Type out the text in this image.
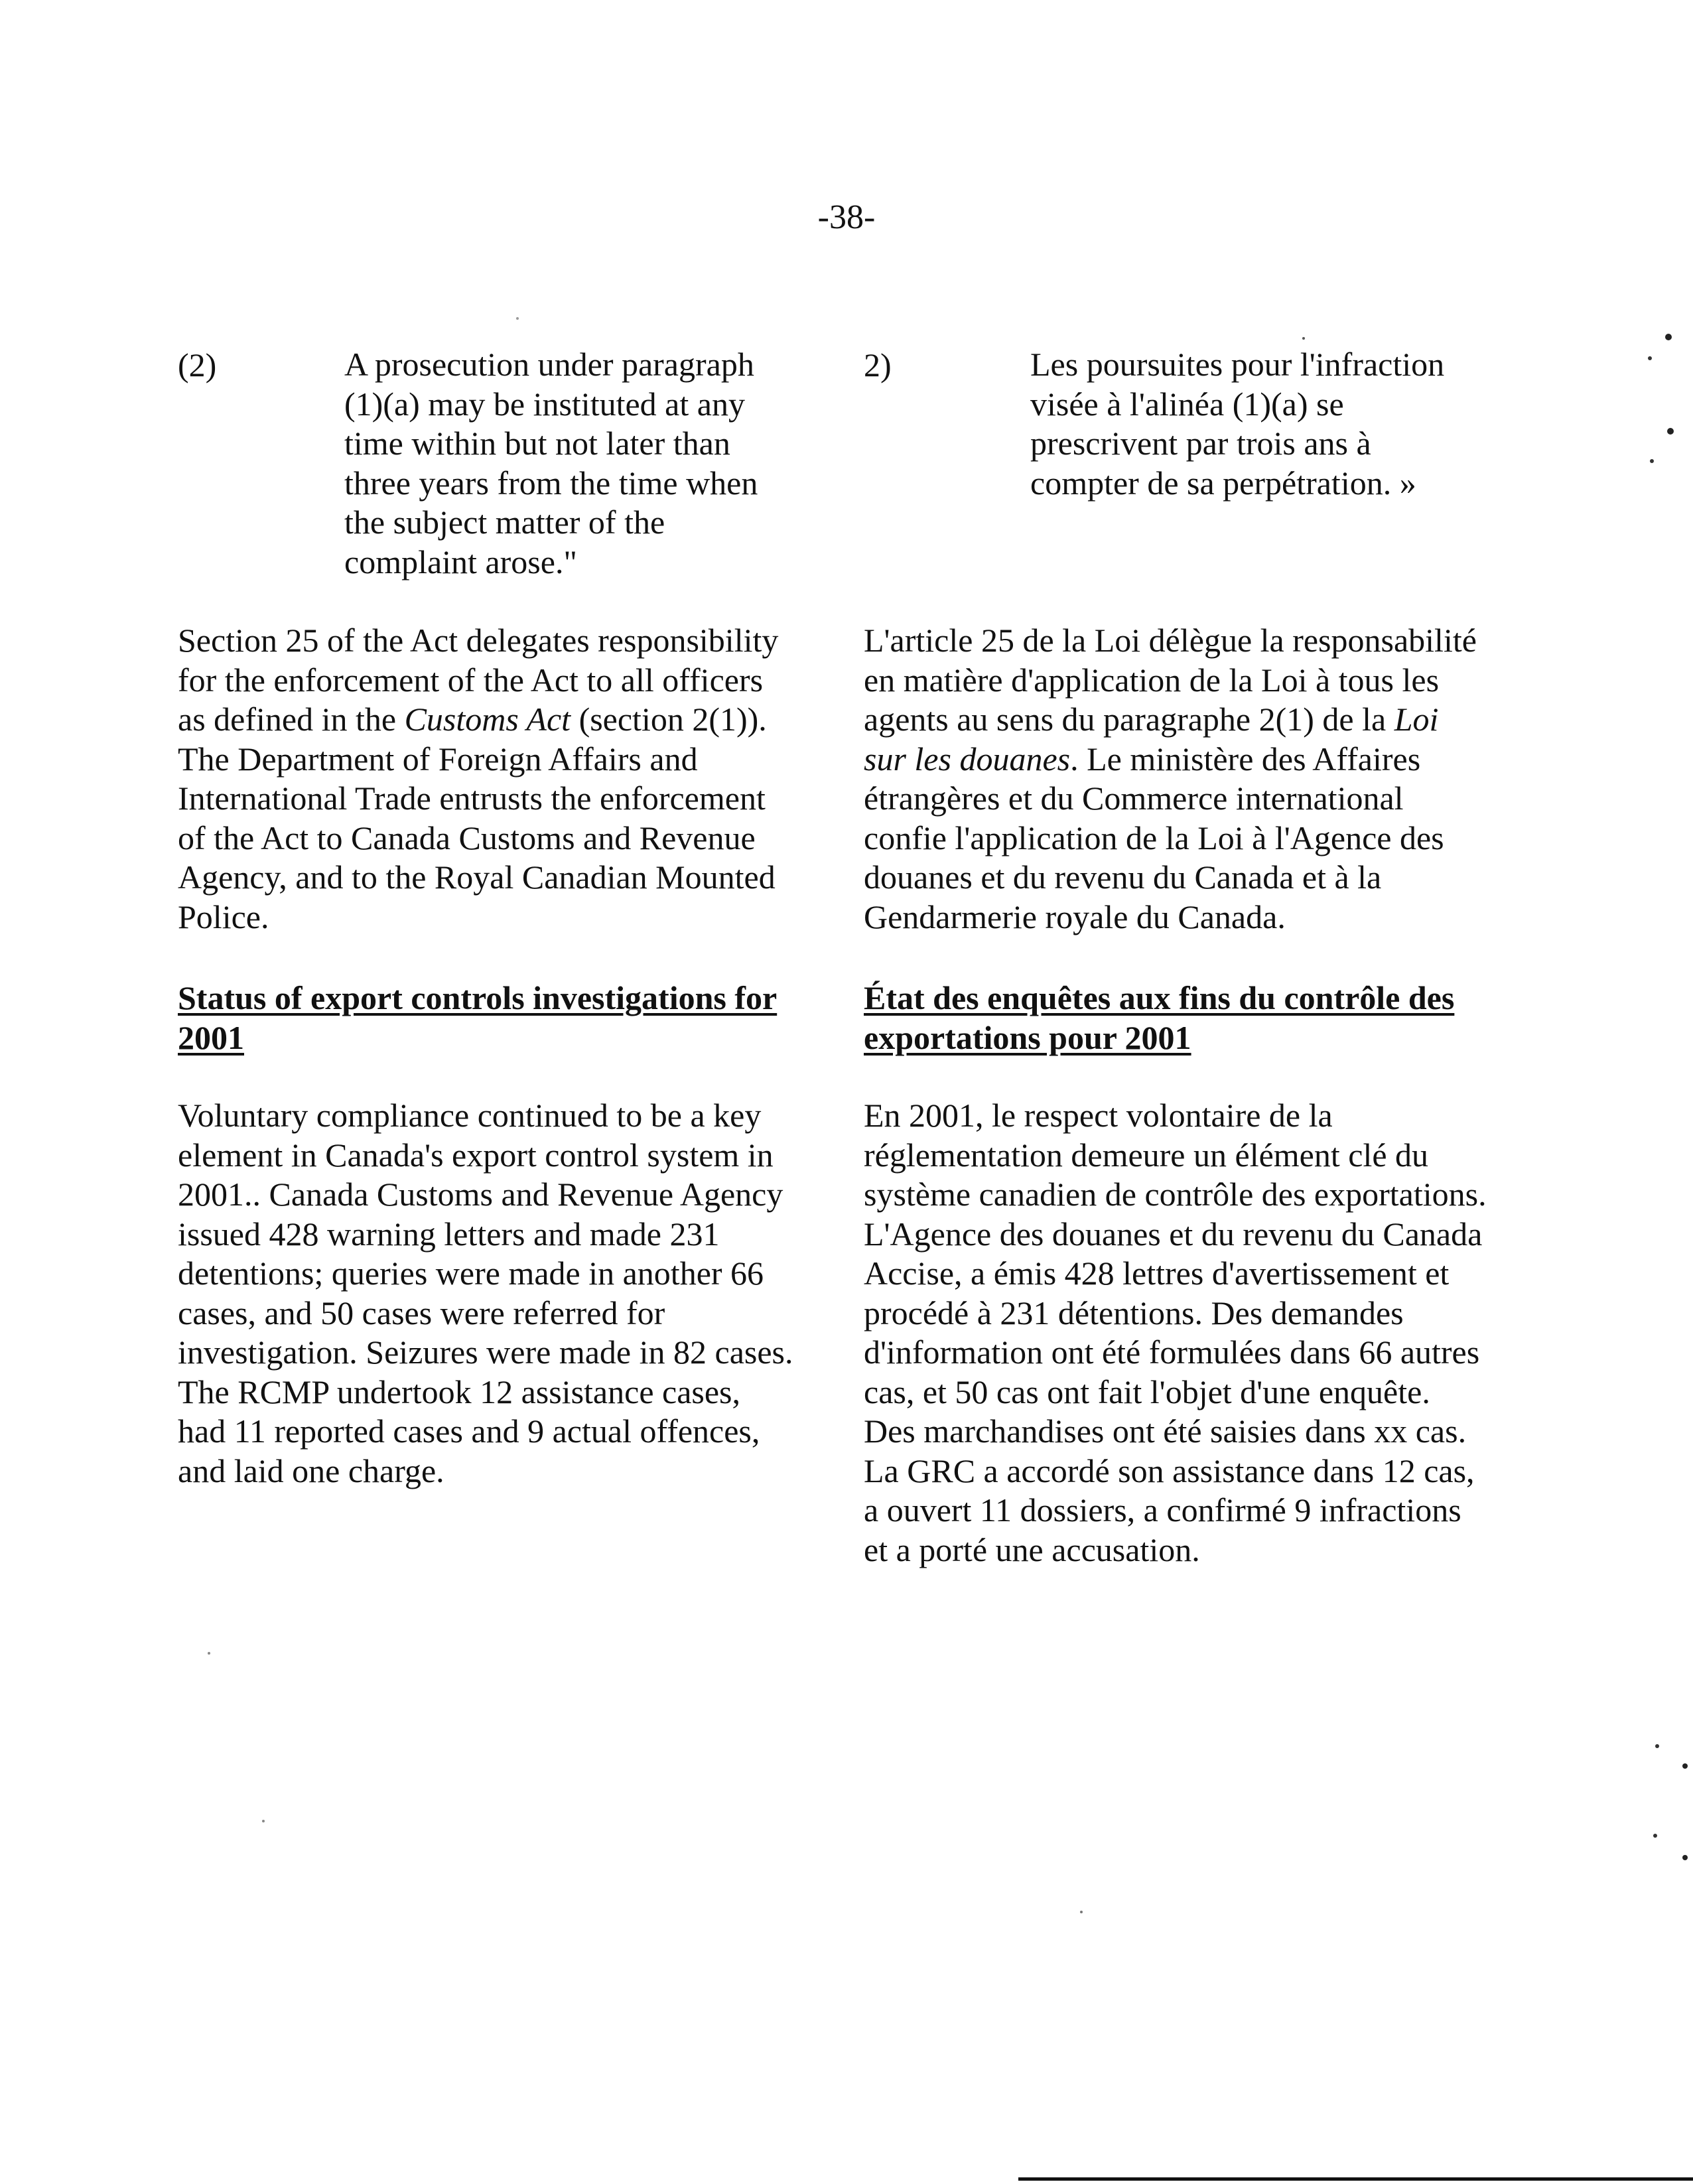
-38-
(2)	A prosecution under paragraph
(1)(a) may be instituted at any
time within but not later than
three years from the time when
the subject matter of the
complaint arose."
2)	Les poursuites pour l'infraction
visée à l'alinéa (1)(a) se
prescrivent par trois ans à
compter de sa perpétration. »
Section 25 of the Act delegates responsibility
for the enforcement of the Act to all officers
as defined in the Customs Act (section 2(1)).
The Department of Foreign Affairs and
International Trade entrusts the enforcement
of the Act to Canada Customs and Revenue
Agency, and to the Royal Canadian Mounted
Police.
L'article 25 de la Loi délègue la responsabilité
en matière d'application de la Loi à tous les
agents au sens du paragraphe 2(1) de la Loi
sur les douanes. Le ministère des Affaires
étrangères et du Commerce international
confie l'application de la Loi à l'Agence des
douanes et du revenu du Canada et à la
Gendarmerie royale du Canada.
Status of export controls investigations for
2001
État des enquêtes aux fins du contrôle des
exportations pour 2001
Voluntary compliance continued to be a key
element in Canada's export control system in
2001.. Canada Customs and Revenue Agency
issued 428 warning letters and made 231
detentions; queries were made in another 66
cases, and 50 cases were referred for
investigation. Seizures were made in 82 cases.
The RCMP undertook 12 assistance cases,
had 11 reported cases and 9 actual offences,
and laid one charge.
En 2001, le respect volontaire de la
réglementation demeure un élément clé du
système canadien de contrôle des exportations.
L'Agence des douanes et du revenu du Canada
Accise, a émis 428 lettres d'avertissement et
procédé à 231 détentions. Des demandes
d'information ont été formulées dans 66 autres
cas, et 50 cas ont fait l'objet d'une enquête.
Des marchandises ont été saisies dans xx cas.
La GRC a accordé son assistance dans 12 cas,
a ouvert 11 dossiers, a confirmé 9 infractions
et a porté une accusation.
